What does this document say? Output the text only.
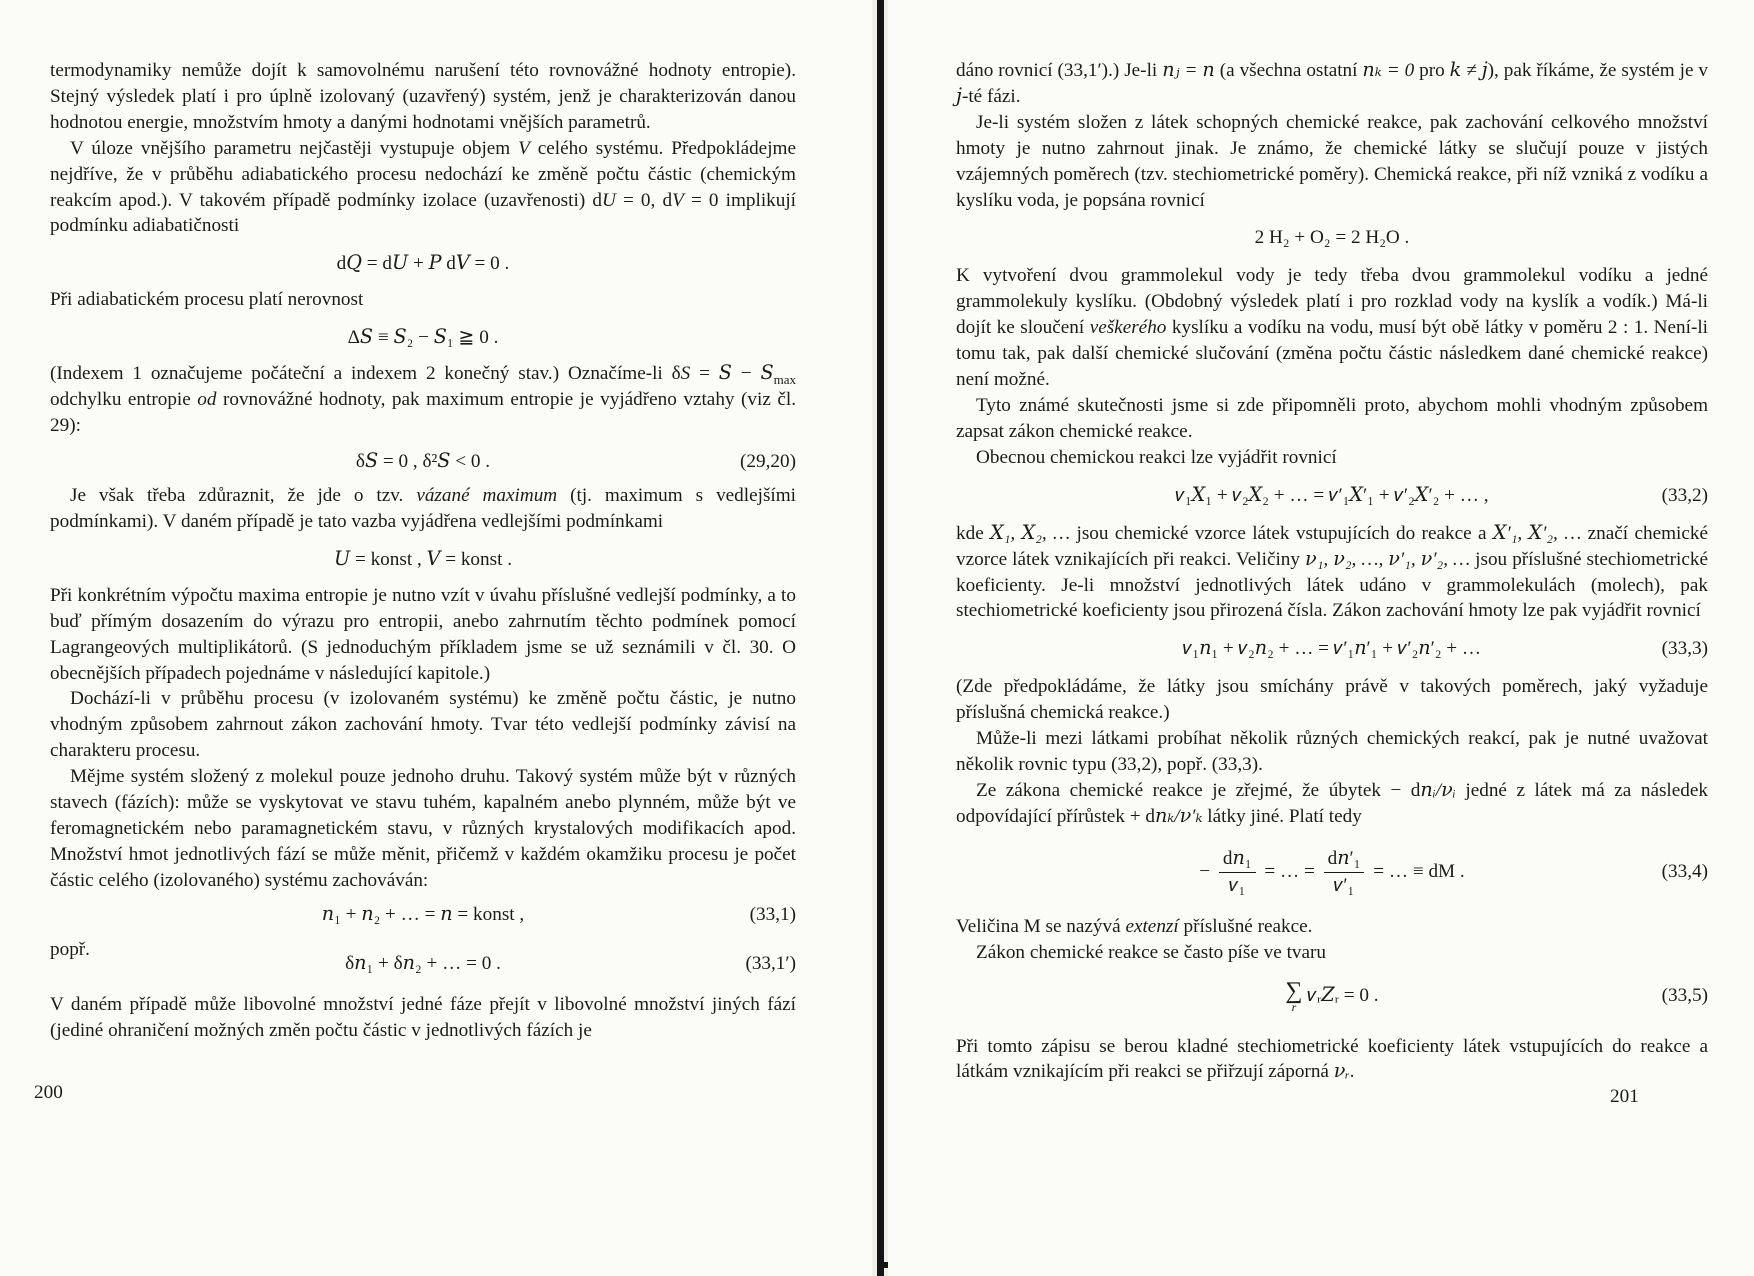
termodynamiky nemůže dojít k samovolnému narušení této rovnovážné hodnoty entropie). Stejný výsledek platí i pro úplně izolovaný (uzavřený) systém, jenž je charakterizován danou hodnotou energie, množstvím hmoty a danými hodnotami vnějších parametrů.

V úloze vnějšího parametru nejčastěji vystupuje objem V celého systému. Předpokládejme nejdříve, že v průběhu adiabatického procesu nedochází ke změně počtu částic (chemickým reakcím apod.). V takovém případě podmínky izolace (uzavřenosti) dU = 0, dV = 0 implikují podmínku adiabatičnosti

d𝑄 = d𝑈 + 𝑃 d𝑉 = 0 .

Při adiabatickém procesu platí nerovnost

Δ𝑆 ≡ 𝑆₂ − 𝑆₁ ≧ 0 .

(Indexem 1 označujeme počáteční a indexem 2 konečný stav.) Označíme-li δS = 𝑆 − 𝑆$_{max}$ odchylku entropie od rovnovážné hodnoty, pak maximum entropie je vyjádřeno vztahy (viz čl. 29):

δ𝑆 = 0 , δ²𝑆 < 0 .	(29,20)

Je však třeba zdůraznit, že jde o tzv. vázané maximum (tj. maximum s vedlejšími podmínkami). V daném případě je tato vazba vyjádřena vedlejšími podmínkami

𝑈 = konst , 𝑉 = konst .

Při konkrétním výpočtu maxima entropie je nutno vzít v úvahu příslušné vedlejší podmínky, a to buď přímým dosazením do výrazu pro entropii, anebo zahrnutím těchto podmínek pomocí Lagrangeových multiplikátorů. (S jednoduchým příkladem jsme se už seznámili v čl. 30. O obecnějších případech pojednáme v následující kapitole.)

Dochází-li v průběhu procesu (v izolovaném systému) ke změně počtu částic, je nutno vhodným způsobem zahrnout zákon zachování hmoty. Tvar této vedlejší podmínky závisí na charakteru procesu.

Mějme systém složený z molekul pouze jednoho druhu. Takový systém může být v různých stavech (fázích): může se vyskytovat ve stavu tuhém, kapalném anebo plynném, může být ve feromagnetickém nebo paramagnetickém stavu, v různých krystalových modifikacích apod. Množství hmot jednotlivých fází se může měnit, přičemž v každém okamžiku procesu je počet částic celého (izolovaného) systému zachováván:

𝑛₁ + 𝑛₂ + … = 𝑛 = konst ,	(33,1)
popř.
δ𝑛₁ + δ𝑛₂ + … = 0 .	(33,1′)

V daném případě může libovolné množství jedné fáze přejít v libovolné množství jiných fází (jediné ohraničení možných změn počtu částic v jednotlivých fázích je

200

dáno rovnicí (33,1′).) Je-li 𝑛ⱼ = 𝑛 (a všechna ostatní 𝑛ₖ = 0 pro 𝑘 ≠ 𝑗), pak říkáme, že systém je v 𝑗-té fázi.

Je-li systém složen z látek schopných chemické reakce, pak zachování celkového množství hmoty je nutno zahrnout jinak. Je známo, že chemické látky se slučují pouze v jistých vzájemných poměrech (tzv. stechiometrické poměry). Chemická reakce, při níž vzniká z vodíku a kyslíku voda, je popsána rovnicí

2 H₂ + O₂ = 2 H₂O .

K vytvoření dvou grammolekul vody je tedy třeba dvou grammolekul vodíku a jedné grammolekuly kyslíku. (Obdobný výsledek platí i pro rozklad vody na kyslík a vodík.) Má-li dojít ke sloučení veškerého kyslíku a vodíku na vodu, musí být obě látky v poměru 2 : 1. Není-li tomu tak, pak další chemické slučování (změna počtu částic následkem dané chemické reakce) není možné.

Tyto známé skutečnosti jsme si zde připomněli proto, abychom mohli vhodným způsobem zapsat zákon chemické reakce.

Obecnou chemickou reakci lze vyjádřit rovnicí

𝜈₁𝑋₁ + 𝜈₂𝑋₂ + … = 𝜈′₁𝑋′₁ + 𝜈′₂𝑋′₂ + … ,	(33,2)

kde 𝑋₁, 𝑋₂, … jsou chemické vzorce látek vstupujících do reakce a 𝑋′₁, 𝑋′₂, … značí chemické vzorce látek vznikajících při reakci. Veličiny 𝜈₁, 𝜈₂, …, 𝜈′₁, 𝜈′₂, … jsou příslušné stechiometrické koeficienty. Je-li množství jednotlivých látek udáno v grammolekulách (molech), pak stechiometrické koeficienty jsou přirozená čísla. Zákon zachování hmoty lze pak vyjádřit rovnicí

𝜈₁𝑛₁ + 𝜈₂𝑛₂ + … = 𝜈′₁𝑛′₁ + 𝜈′₂𝑛′₂ + …	(33,3)

(Zde předpokládáme, že látky jsou smíchány právě v takových poměrech, jaký vyžaduje příslušná chemická reakce.)

Může-li mezi látkami probíhat několik různých chemických reakcí, pak je nutné uvažovat několik rovnic typu (33,2), popř. (33,3).

Ze zákona chemické reakce je zřejmé, že úbytek − d𝑛ᵢ/𝜈ᵢ jedné z látek má za následek odpovídající přírůstek + d𝑛ₖ/𝜈′ₖ látky jiné. Platí tedy

− $\frac{\text{d𝑛₁}}{\text{𝜈₁}}$ = … = $\frac{\text{d𝑛′₁}}{\text{𝜈′₁}}$ = … ≡ dM .	(33,4)

Veličina M se nazývá extenzí příslušné reakce.

Zákon chemické reakce se často píše ve tvaru

∑
r
𝜈ᵣ𝑍ᵣ = 0 .	(33,5)

Při tomto zápisu se berou kladné stechiometrické koeficienty látek vstupujících do reakce a látkám vznikajícím při reakci se přiřzují záporná 𝜈ᵣ.

201
